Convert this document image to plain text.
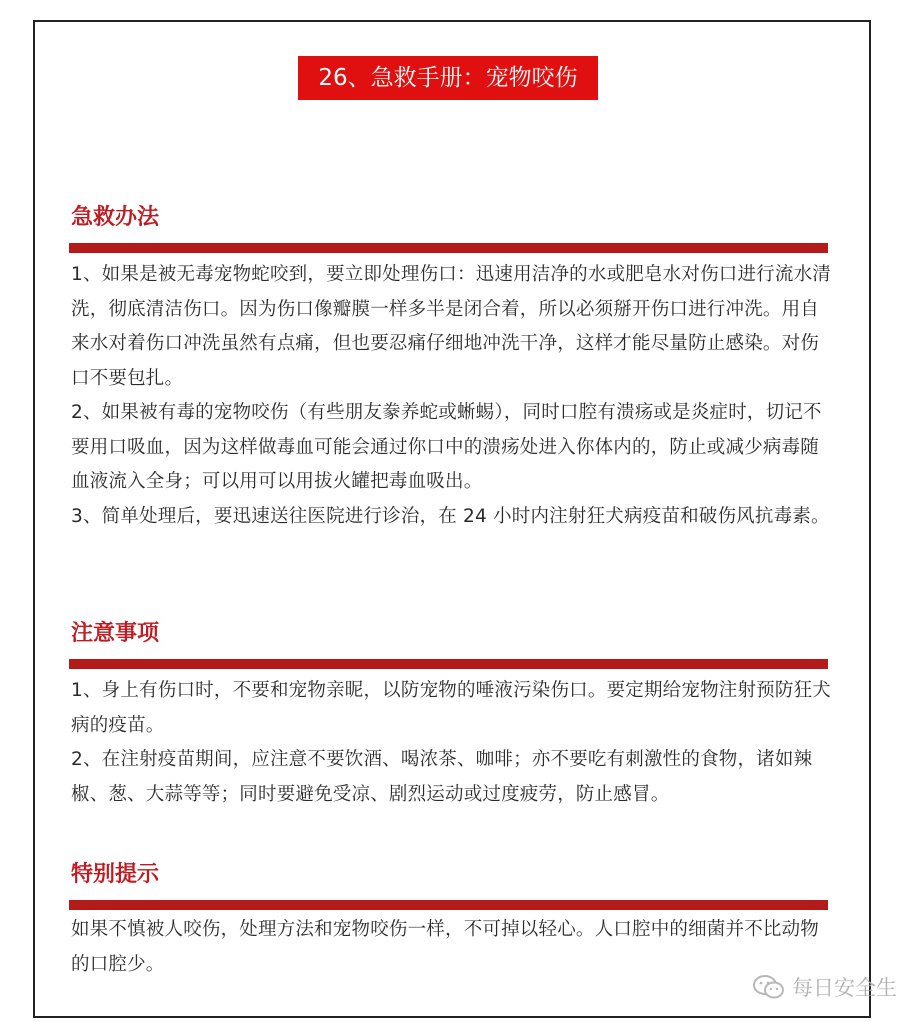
26、急救手册：宠物咬伤
急救办法

1、如果是被无毒宠物蛇咬到，要立即处理伤口：迅速用洁净的水或肥皂水对伤口进行流水清洗，彻底清洁伤口。因为伤口像瓣膜一样多半是闭合着，所以必须掰开伤口进行冲洗。用自来水对着伤口冲洗虽然有点痛，但也要忍痛仔细地冲洗干净，这样才能尽量防止感染。对伤口不要包扎。

2、如果被有毒的宠物咬伤（有些朋友豢养蛇或蜥蜴），同时口腔有溃疡或是炎症时，切记不要用口吸血，因为这样做毒血可能会通过你口中的溃疡处进入你体内的，防止或减少病毒随血液流入全身；可以用可以用拔火罐把毒血吸出。

3、简单处理后，要迅速送往医院进行诊治，在 24 小时内注射狂犬病疫苗和破伤风抗毒素。

注意事项

1、身上有伤口时，不要和宠物亲昵，以防宠物的唾液污染伤口。要定期给宠物注射预防狂犬病的疫苗。

2、在注射疫苗期间，应注意不要饮酒、喝浓茶、咖啡；亦不要吃有刺激性的食物，诸如辣椒、葱、大蒜等等；同时要避免受凉、剧烈运动或过度疲劳，防止感冒。

特别提示

如果不慎被人咬伤，处理方法和宠物咬伤一样，不可掉以轻心。人口腔中的细菌并不比动物的口腔少。

每日安全生
